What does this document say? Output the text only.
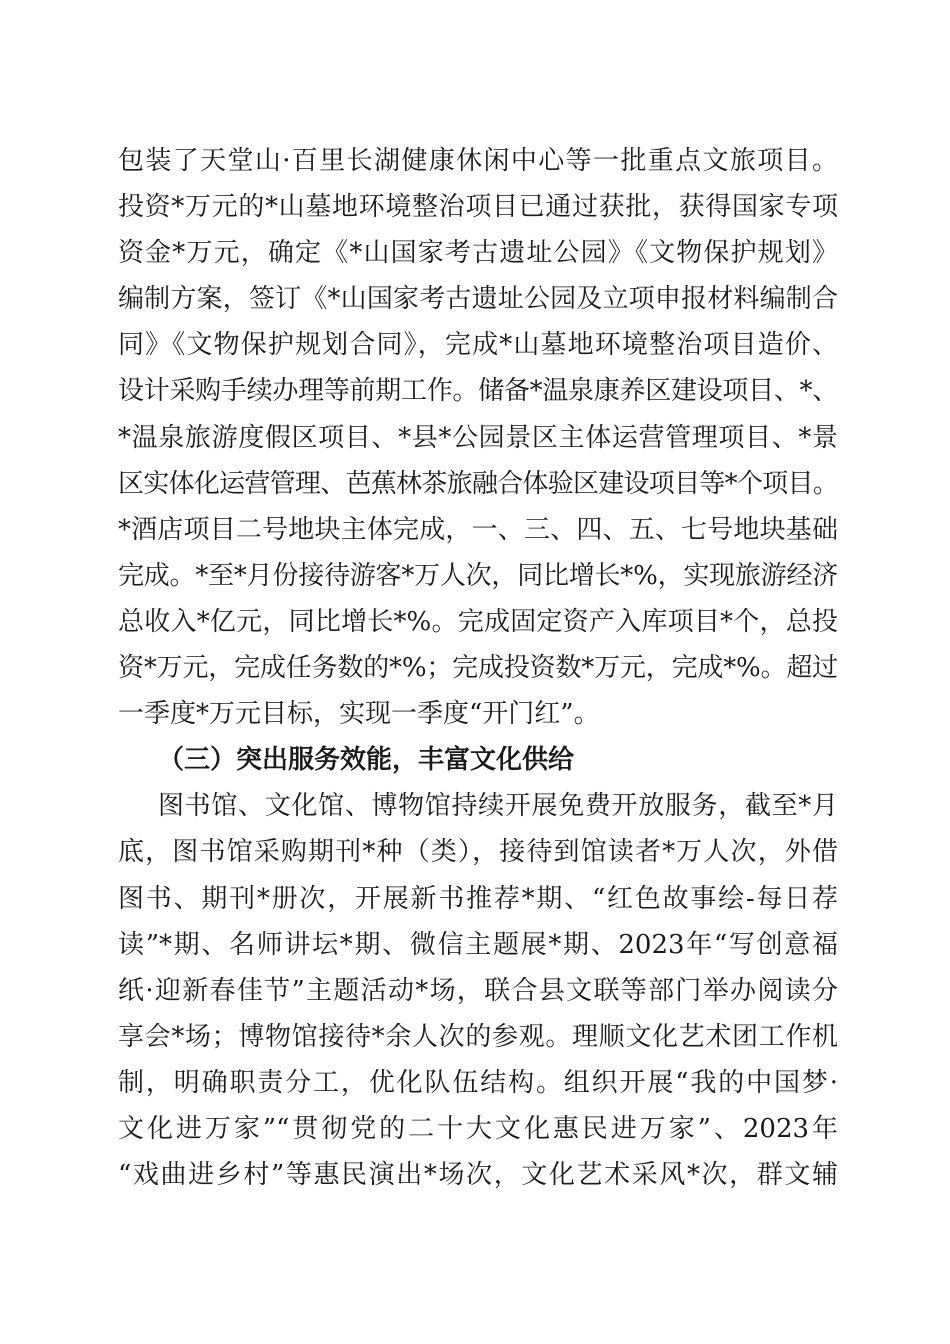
包装了天堂山·百里长湖健康休闲中心等一批重点文旅项目。
投资*万元的*山墓地环境整治项目已通过获批，获得国家专项
资金*万元，确定《*山国家考古遗址公园》《文物保护规划》
编制方案，签订《*山国家考古遗址公园及立项申报材料编制合
同》《文物保护规划合同》，完成*山墓地环境整治项目造价、
设计采购手续办理等前期工作。储备*温泉康养区建设项目、*、
*温泉旅游度假区项目、*县*公园景区主体运营管理项目、*景
区实体化运营管理、芭蕉林茶旅融合体验区建设项目等*个项目。
*酒店项目二号地块主体完成，一、三、四、五、七号地块基础
完成。*至*月份接待游客*万人次，同比增长*%，实现旅游经济
总收入*亿元，同比增长*%。完成固定资产入库项目*个，总投
资*万元，完成任务数的*%；完成投资数*万元，完成*%。超过
一季度*万元目标，实现一季度“开门红”。
（三）突出服务效能，丰富文化供给
图书馆、文化馆、博物馆持续开展免费开放服务，截至*月
底，图书馆采购期刊*种（类），接待到馆读者*万人次，外借
图书、期刊*册次，开展新书推荐*期、“红色故事绘-每日荐
读”*期、名师讲坛*期、微信主题展*期、2023年“写创意福
纸·迎新春佳节”主题活动*场，联合县文联等部门举办阅读分
享会*场；博物馆接待*余人次的参观。理顺文化艺术团工作机
制，明确职责分工，优化队伍结构。组织开展“我的中国梦·
文化进万家”“贯彻党的二十大文化惠民进万家”、2023年
“戏曲进乡村”等惠民演出*场次，文化艺术采风*次，群文辅
